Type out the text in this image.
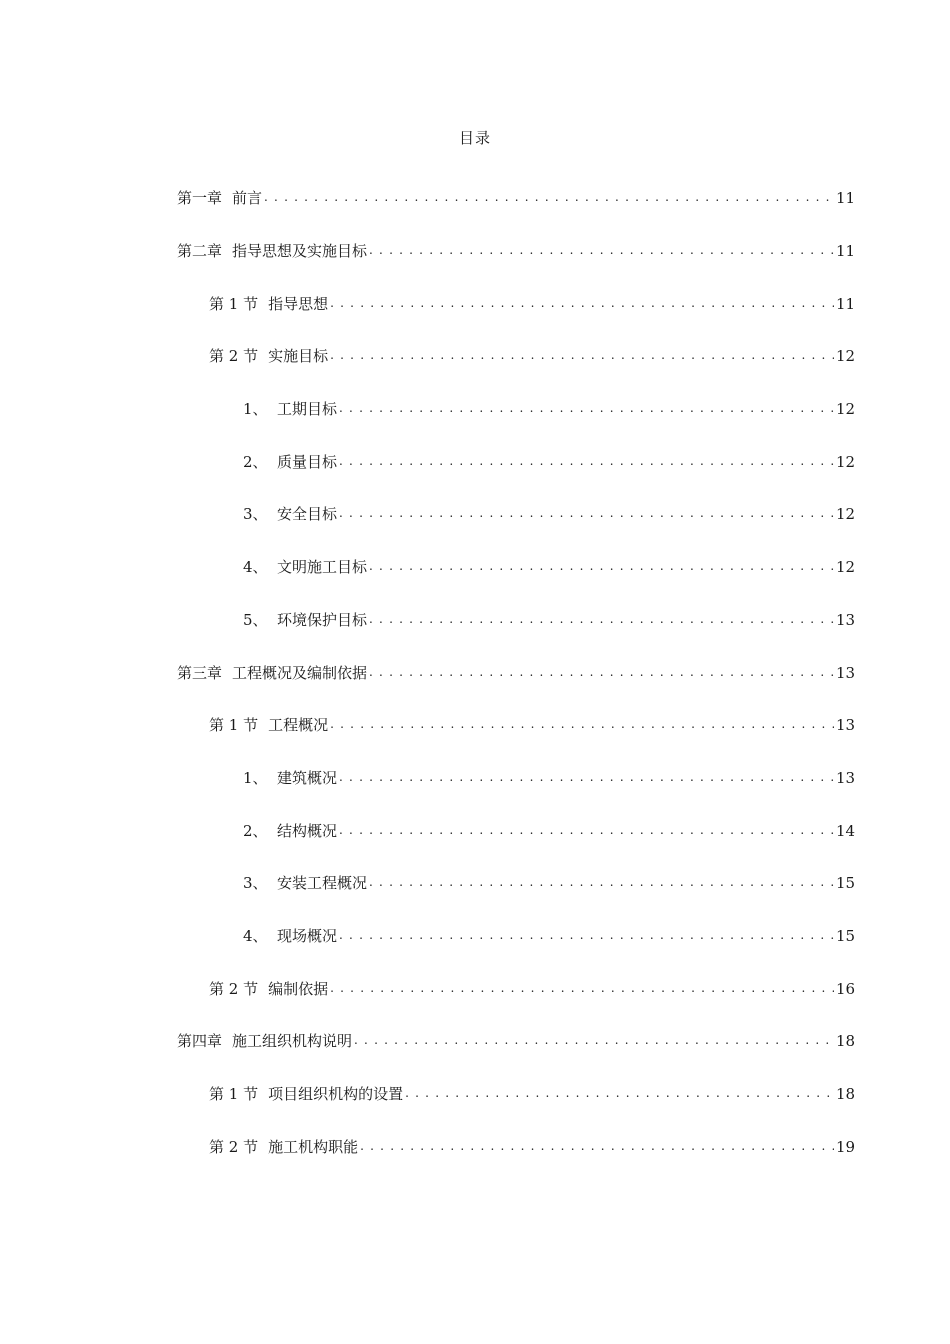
目录
第一章 前言 . . .	11
第二章 指导思想及实施目标 . . .	11
第 1 节 指导思想 . . .	11
第 2 节 实施目标 . . .	12
1、 工期目标 . . .	12
2、 质量目标 . . .	12
3、 安全目标 . . .	12
4、 文明施工目标 . . .	12
5、 环境保护目标 . . .	13
第三章 工程概况及编制依据 . . .	13
第 1 节 工程概况 . . .	13
1、 建筑概况 . . .	13
2、 结构概况 . . .	14
3、 安装工程概况 . . .	15
4、 现场概况 . . .	15
第 2 节 编制依据 . . .	16
第四章 施工组织机构说明 . . .	18
第 1 节 项目组织机构的设置 . . .	18
第 2 节 施工机构职能 . . .	19
